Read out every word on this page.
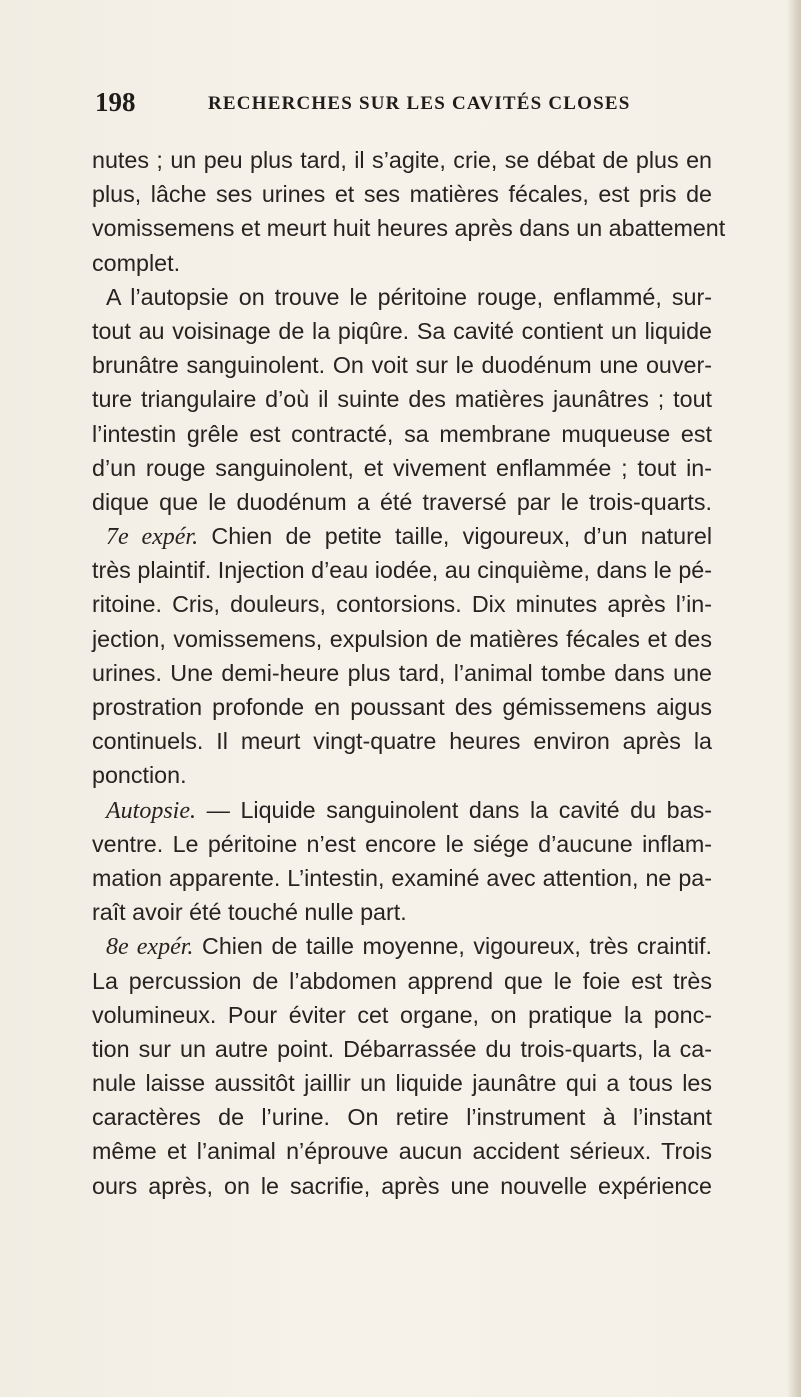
198	RECHERCHES SUR LES CAVITÉS CLOSES
nutes ; un peu plus tard, il s’agite, crie, se débat de plus en
plus, lâche ses urines et ses matières fécales, est pris de
vomissemens et meurt huit heures après dans un abattement
complet.
A l’autopsie on trouve le péritoine rouge, enflammé, sur-
tout au voisinage de la piqûre. Sa cavité contient un liquide
brunâtre sanguinolent. On voit sur le duodénum une ouver-
ture triangulaire d’où il suinte des matières jaunâtres ; tout
l’intestin grêle est contracté, sa membrane muqueuse est
d’un rouge sanguinolent, et vivement enflammée ; tout in-
dique que le duodénum a été traversé par le trois-quarts.
7e expér. Chien de petite taille, vigoureux, d’un naturel
très plaintif. Injection d’eau iodée, au cinquième, dans le pé-
ritoine. Cris, douleurs, contorsions. Dix minutes après l’in-
jection, vomissemens, expulsion de matières fécales et des
urines. Une demi-heure plus tard, l’animal tombe dans une
prostration profonde en poussant des gémissemens aigus
continuels. Il meurt vingt-quatre heures environ après la
ponction.
Autopsie. — Liquide sanguinolent dans la cavité du bas-
ventre. Le péritoine n’est encore le siége d’aucune inflam-
mation apparente. L’intestin, examiné avec attention, ne pa-
raît avoir été touché nulle part.
8e expér. Chien de taille moyenne, vigoureux, très craintif.
La percussion de l’abdomen apprend que le foie est très
volumineux. Pour éviter cet organe, on pratique la ponc-
tion sur un autre point. Débarrassée du trois-quarts, la ca-
nule laisse aussitôt jaillir un liquide jaunâtre qui a tous les
caractères de l’urine. On retire l’instrument à l’instant
même et l’animal n’éprouve aucun accident sérieux. Trois
ours après, on le sacrifie, après une nouvelle expérience
